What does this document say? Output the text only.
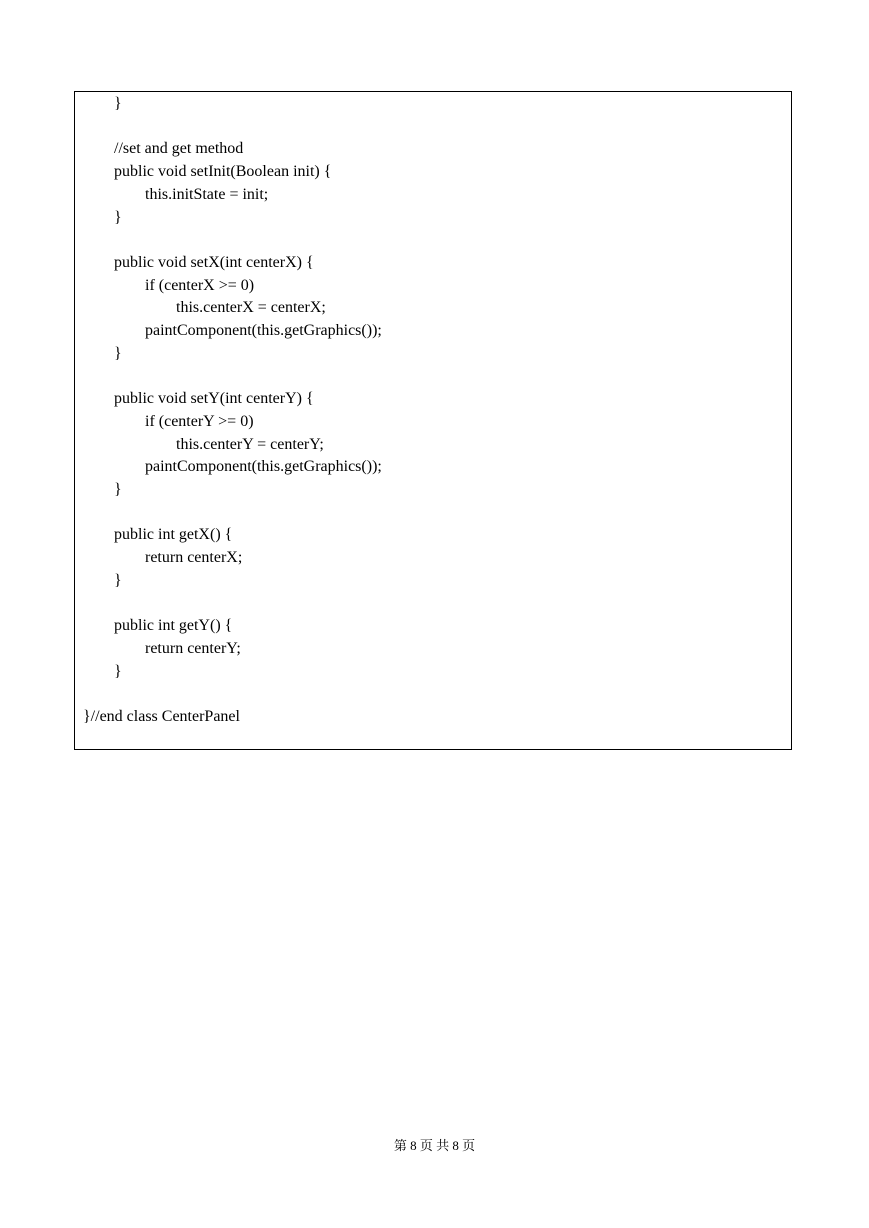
}
//set and get method
public void setInit(Boolean init) {
this.initState = init;
}
public void setX(int centerX) {
if (centerX >= 0)
this.centerX = centerX;
paintComponent(this.getGraphics());
}
public void setY(int centerY) {
if (centerY >= 0)
this.centerY = centerY;
paintComponent(this.getGraphics());
}
public int getX() {
return centerX;
}
public int getY() {
return centerY;
}
}//end class CenterPanel
第 8 页 共 8 页
